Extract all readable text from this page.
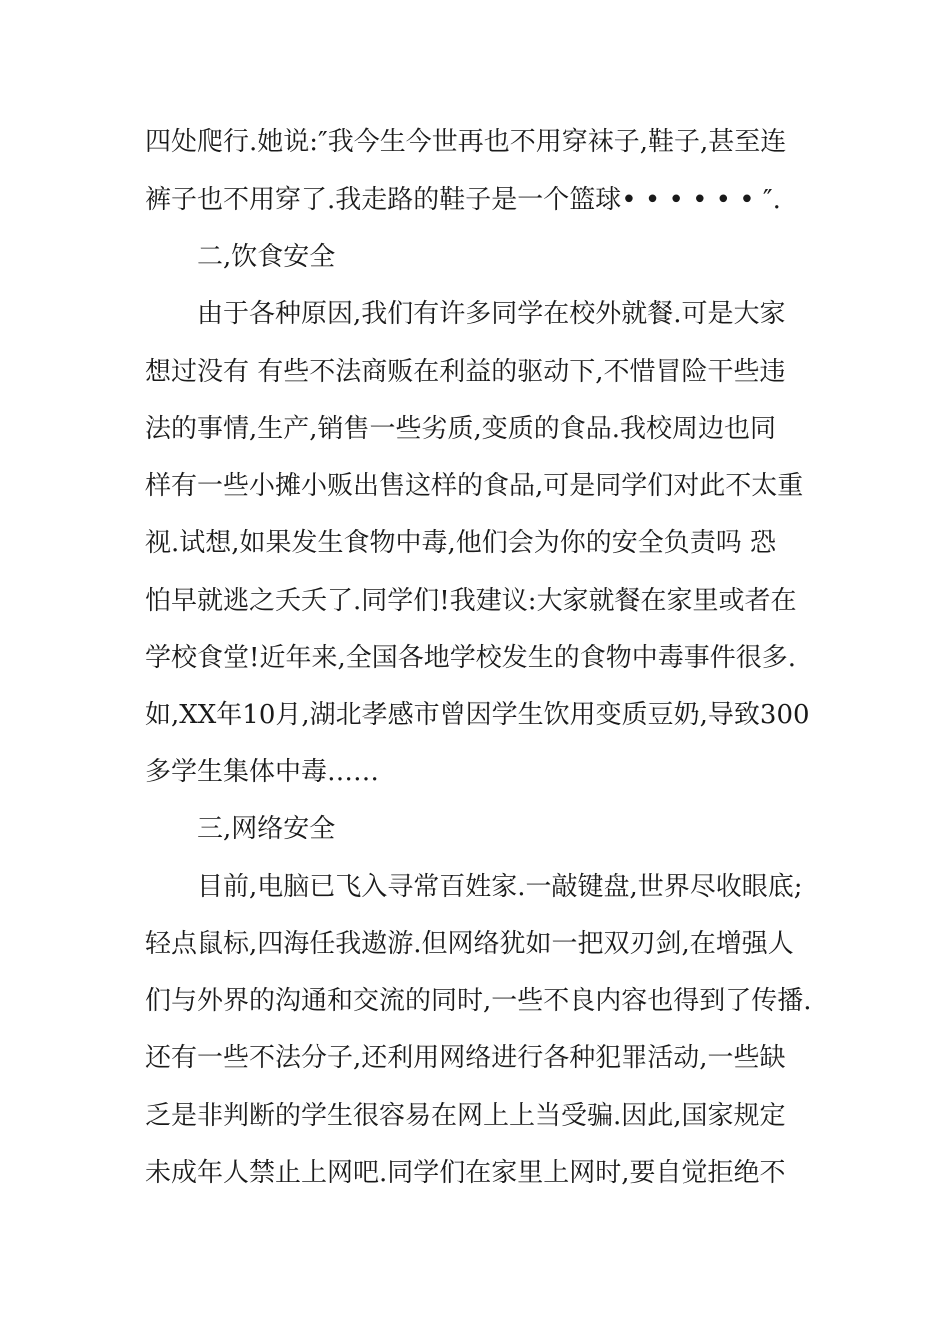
四处爬行.她说:″我今生今世再也不用穿袜子,鞋子,甚至连

裤子也不用穿了.我走路的鞋子是一个篮球• • • • • • ″.

二,饮食安全

由于各种原因,我们有许多同学在校外就餐.可是大家

想过没有 有些不法商贩在利益的驱动下,不惜冒险干些违

法的事情,生产,销售一些劣质,变质的食品.我校周边也同

样有一些小摊小贩出售这样的食品,可是同学们对此不太重

视.试想,如果发生食物中毒,他们会为你的安全负责吗 恐

怕早就逃之夭夭了.同学们!我建议:大家就餐在家里或者在

学校食堂!近年来,全国各地学校发生的食物中毒事件很多.

如,XX年10月,湖北孝感市曾因学生饮用变质豆奶,导致300

多学生集体中毒……

三,网络安全

目前,电脑已飞入寻常百姓家.一敲键盘,世界尽收眼底;

轻点鼠标,四海任我遨游.但网络犹如一把双刃剑,在增强人

们与外界的沟通和交流的同时,一些不良内容也得到了传播.

还有一些不法分子,还利用网络进行各种犯罪活动,一些缺

乏是非判断的学生很容易在网上上当受骗.因此,国家规定

未成年人禁止上网吧.同学们在家里上网时,要自觉拒绝不
